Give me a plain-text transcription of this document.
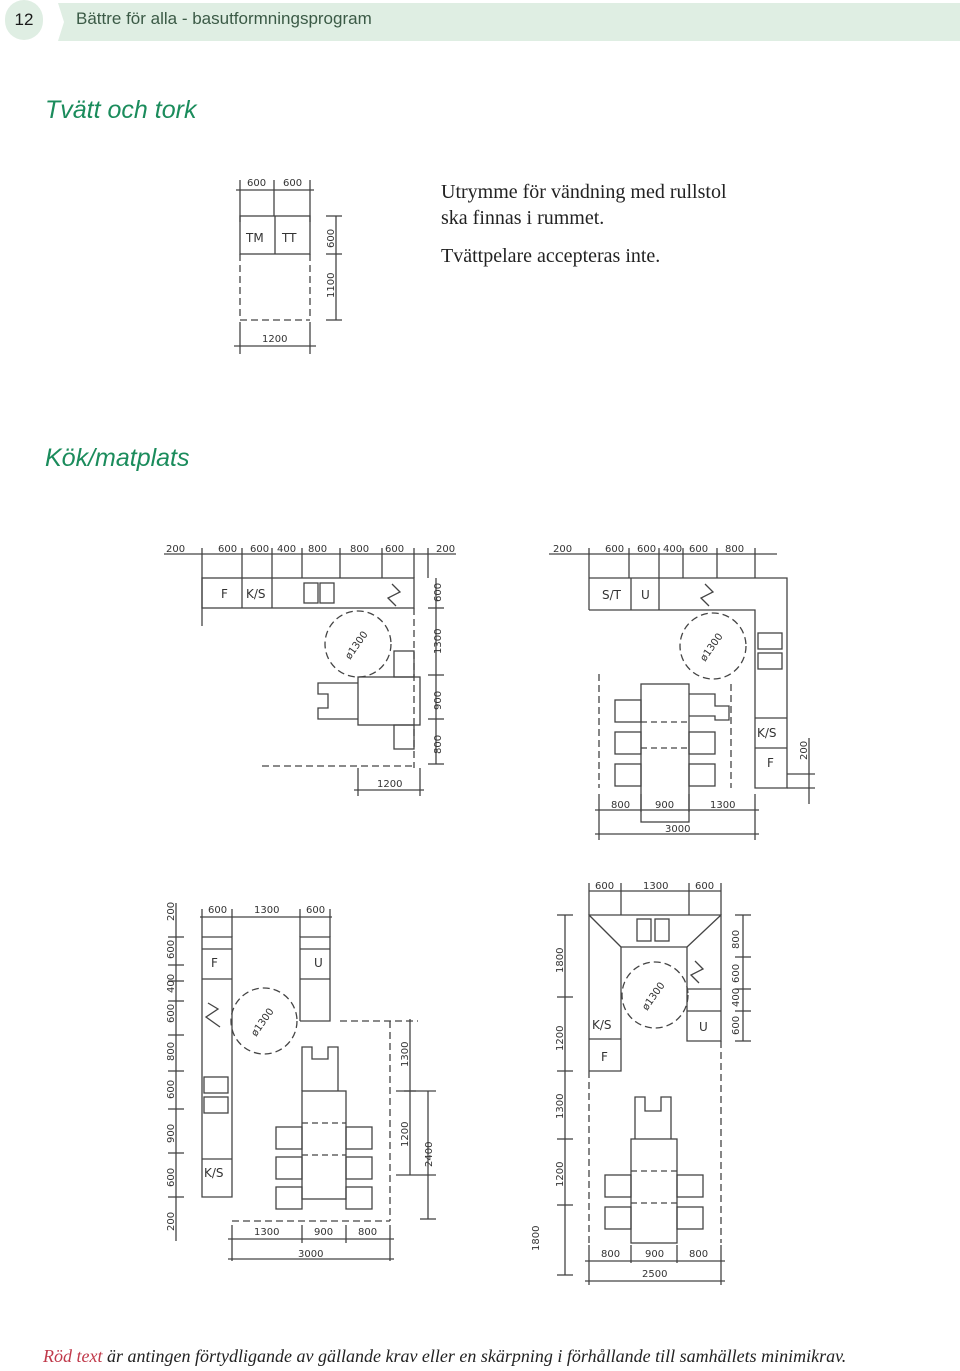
12	Bättre för alla - basutformningsprogram
Tvätt och tork
Utrymme för vändning med rullstol
ska finnas i rummet.
Tvättpelare accepteras inte.
600 600
TM TT	600
1100
1200
Kök/matplats
200	600 600 400 800 800 600	200
F K/S
ø1300
600
1300
900
800
1200
200	600 600 400 600 800
S/T U
K/S
F
ø1300
200
800 900	1300
3000
200
600
400
600
800
600
900
600
200
600	1300	600
F	U
K/S
ø1300
1300
1200
2400
1300	900 800
3000
600	1300	600
1800
1200
1300
1200
1800
800
600
400
600
K/S
F
U
ø1300
800 900 800
2500
Röd text är antingen förtydligande av gällande krav eller en skärpning i förhållande till samhällets minimikrav.
